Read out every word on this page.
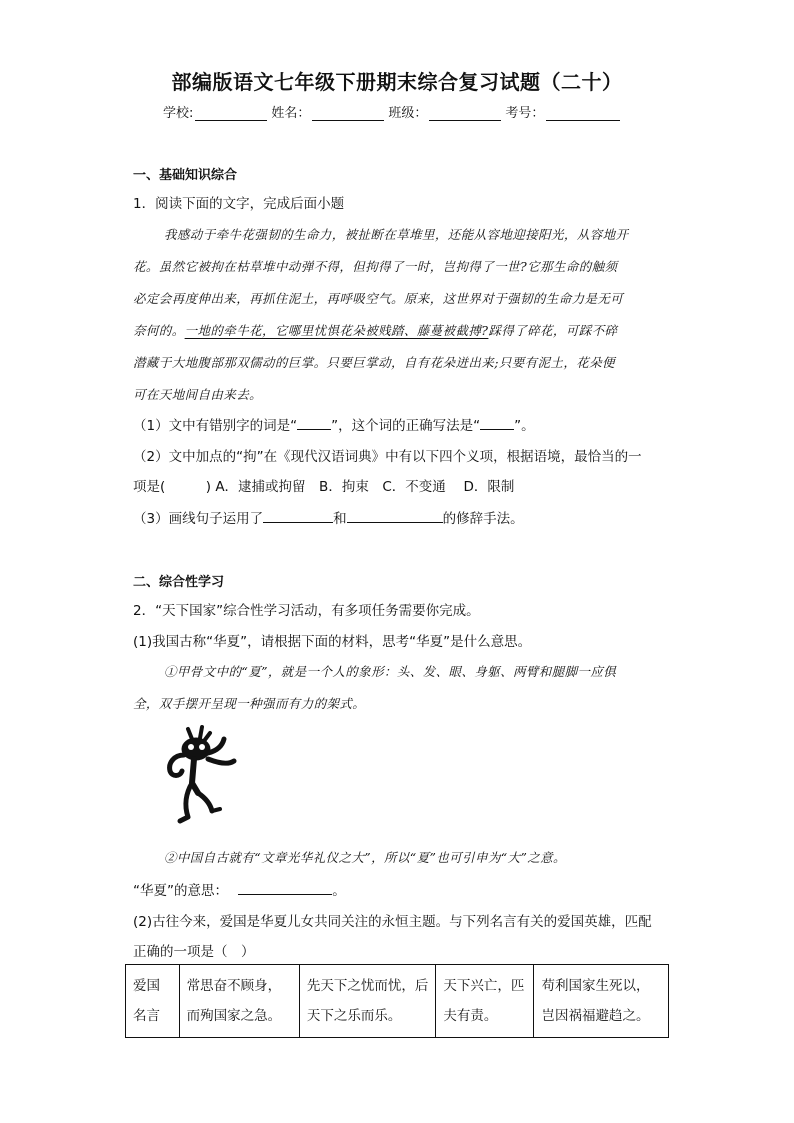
部编版语文七年级下册期末综合复习试题（二十）
学校:	姓名：	班级：	考号：
一、基础知识综合
1．阅读下面的文字，完成后面小题
我感动于牵牛花强韧的生命力，被扯断在草堆里，还能从容地迎接阳光，从容地开
花。虽然它被拘在枯草堆中动弹不得，但拘得了一时，岂拘得了一世?它那生命的触须
必定会再度伸出来，再抓住泥土，再呼吸空气。原来，这世界对于强韧的生命力是无可
奈何的。一地的牵牛花，它哪里忧惧花朵被贱踏、藤蔓被截搏?踩得了碎花，可踩不碎
潜藏于大地腹部那双儒动的巨掌。只要巨掌动，自有花朵迸出来;只要有泥土，花朵便
可在天地间自由来去。
（1）文中有错别字的词是“	”，这个词的正确写法是“	”。
（2）文中加点的“拘”在《现代汉语词典》中有以下四个义项，根据语境，最恰当的一
项是(　　　) A．逮捕或拘留　B．拘束　C．不变通　 D．限制
（3）画线句子运用了	和	的修辞手法。
二、综合性学习
2．“天下国家”综合性学习活动，有多项任务需要你完成。
(1)我国古称“华夏”，请根据下面的材料，思考“华夏”是什么意思。
①甲骨文中的“夏”，就是一个人的象形：头、发、眼、身躯、两臂和腿脚一应俱
全，双手摆开呈现一种强而有力的架式。
②中国自古就有“文章光华礼仪之大”，所以“夏”也可引申为“大”之意。
“华夏”的意思：	。
(2)古往今来，爱国是华夏儿女共同关注的永恒主题。与下列名言有关的爱国英雄，匹配
正确的一项是（　）
爱国名言	常思奋不顾身，而殉国家之急。	先天下之忧而忧，后天下之乐而乐。	天下兴亡，匹夫有责。	苟利国家生死以，岂因祸福避趋之。
